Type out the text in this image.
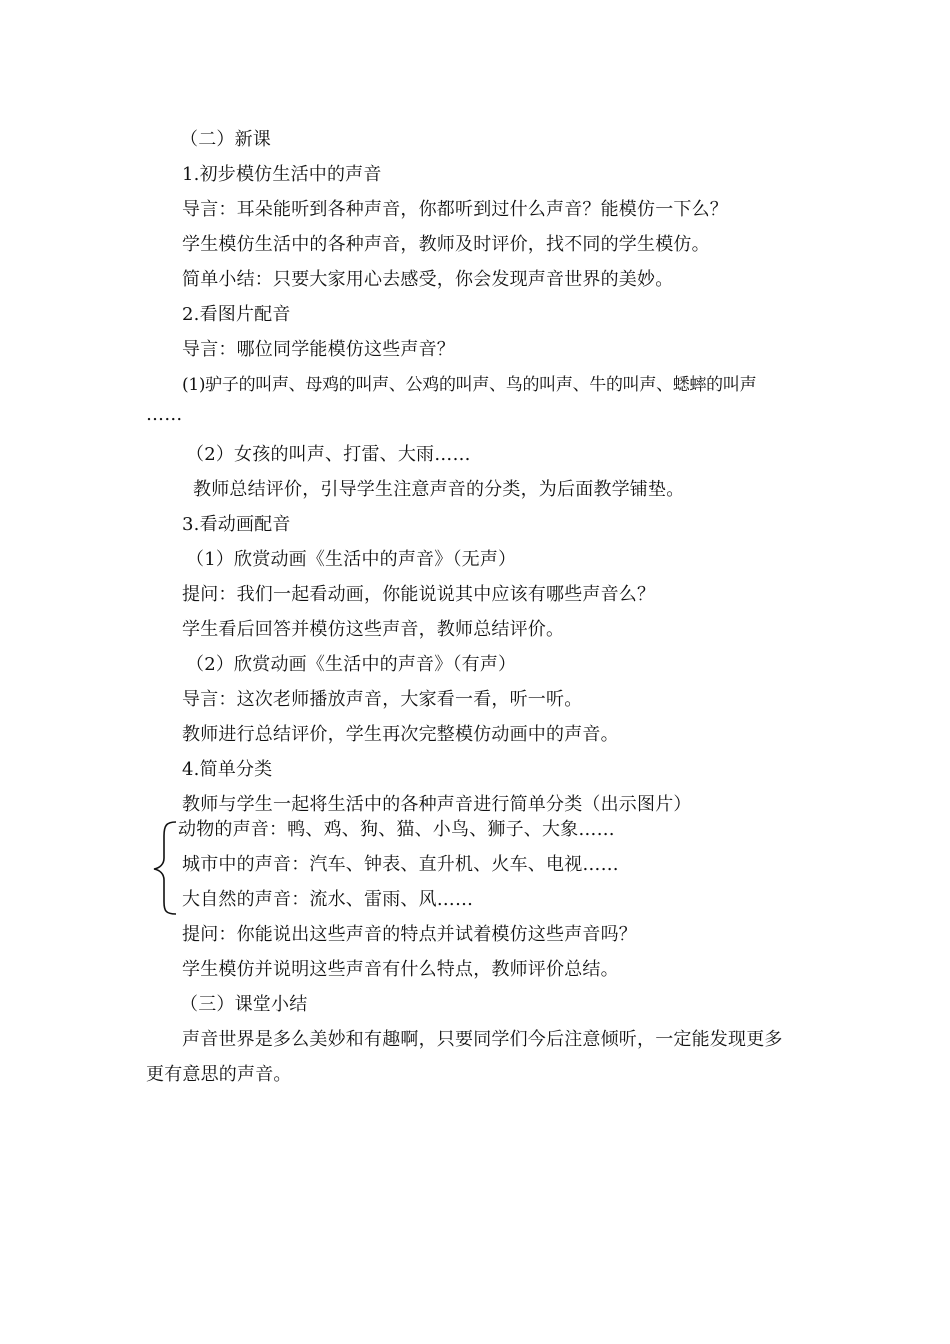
（二）新课
1.初步模仿生活中的声音
导言：耳朵能听到各种声音，你都听到过什么声音？能模仿一下么？
学生模仿生活中的各种声音，教师及时评价，找不同的学生模仿。
简单小结：只要大家用心去感受，你会发现声音世界的美妙。
2.看图片配音
导言：哪位同学能模仿这些声音？
(1)驴子的叫声、母鸡的叫声、公鸡的叫声、鸟的叫声、牛的叫声、蟋蟀的叫声
……
（2）女孩的叫声、打雷、大雨……
教师总结评价，引导学生注意声音的分类，为后面教学铺垫。
3.看动画配音
（1）欣赏动画《生活中的声音》（无声）
提问：我们一起看动画，你能说说其中应该有哪些声音么？
学生看后回答并模仿这些声音，教师总结评价。
（2）欣赏动画《生活中的声音》（有声）
导言：这次老师播放声音，大家看一看，听一听。
教师进行总结评价，学生再次完整模仿动画中的声音。
4.简单分类
教师与学生一起将生活中的各种声音进行简单分类（出示图片）
动物的声音：鸭、鸡、狗、猫、小鸟、狮子、大象……
城市中的声音：汽车、钟表、直升机、火车、电视……
大自然的声音：流水、雷雨、风……
提问：你能说出这些声音的特点并试着模仿这些声音吗？
学生模仿并说明这些声音有什么特点，教师评价总结。
（三）课堂小结
声音世界是多么美妙和有趣啊，只要同学们今后注意倾听，一定能发现更多
更有意思的声音。
